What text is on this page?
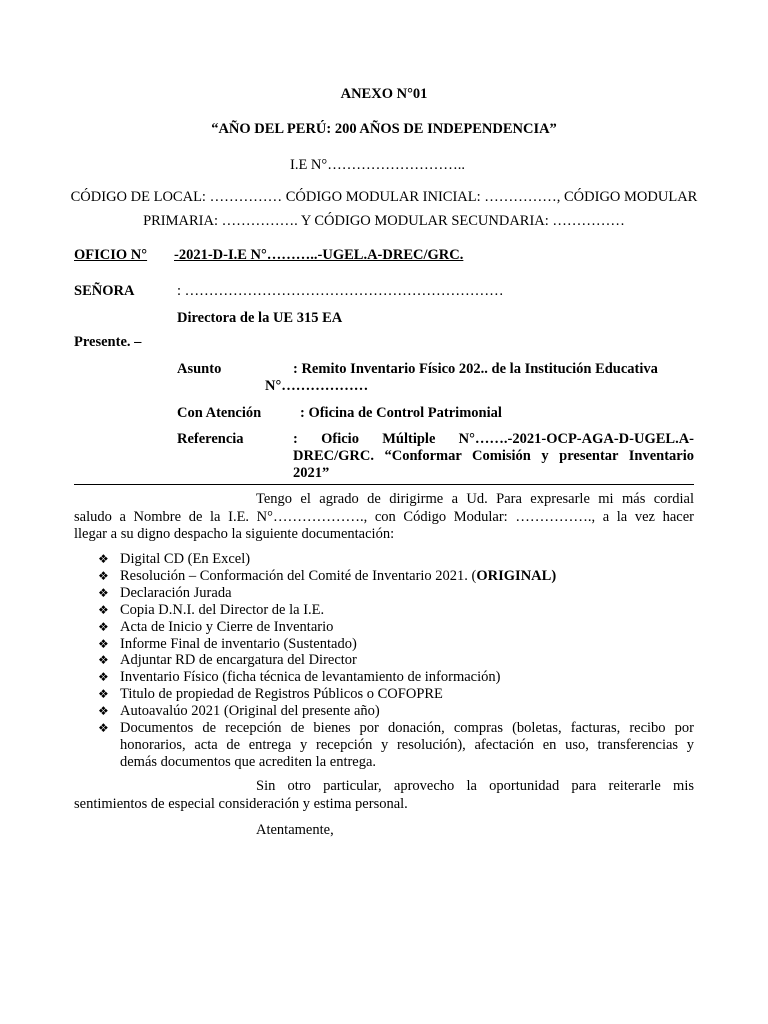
ANEXO N°01
“AÑO DEL PERÚ: 200 AÑOS DE INDEPENDENCIA”
I.E N°………………………..
CÓDIGO DE LOCAL: …………… CÓDIGO MODULAR INICIAL: ……………, CÓDIGO MODULAR
PRIMARIA: ……………. Y CÓDIGO MODULAR SECUNDARIA: ……………
OFICIO N° -2021-D-I.E N°………..-UGEL.A-DREC/GRC.
SEÑORA	: …………………………………………………………
Directora de la UE 315 EA
Presente. –
Asunto	: Remito Inventario Físico 202.. de la Institución Educativa
N°………………
Con Atención	: Oficina de Control Patrimonial
Referencia	: Oficio Múltiple N°…….-2021-OCP-AGA-D-UGEL.A-
DREC/GRC. “Conformar Comisión y presentar Inventario
2021”
Tengo el agrado de dirigirme a Ud. Para expresarle mi más cordial
saludo a Nombre de la I.E. N°………………., con Código Modular: ……………., a la vez hacer
llegar a su digno despacho la siguiente documentación:
❖ Digital CD (En Excel)
❖ Resolución – Conformación del Comité de Inventario 2021. (ORIGINAL)
❖ Declaración Jurada
❖ Copia D.N.I. del Director de la I.E.
❖ Acta de Inicio y Cierre de Inventario
❖ Informe Final de inventario (Sustentado)
❖ Adjuntar RD de encargatura del Director
❖ Inventario Físico (ficha técnica de levantamiento de información)
❖ Titulo de propiedad de Registros Públicos o COFOPRE
❖ Autoavalúo 2021 (Original del presente año)
❖ Documentos de recepción de bienes por donación, compras (boletas, facturas, recibo por
honorarios, acta de entrega y recepción y resolución), afectación en uso, transferencias y
demás documentos que acrediten la entrega.
Sin otro particular, aprovecho la oportunidad para reiterarle mis
sentimientos de especial consideración y estima personal.
Atentamente,
